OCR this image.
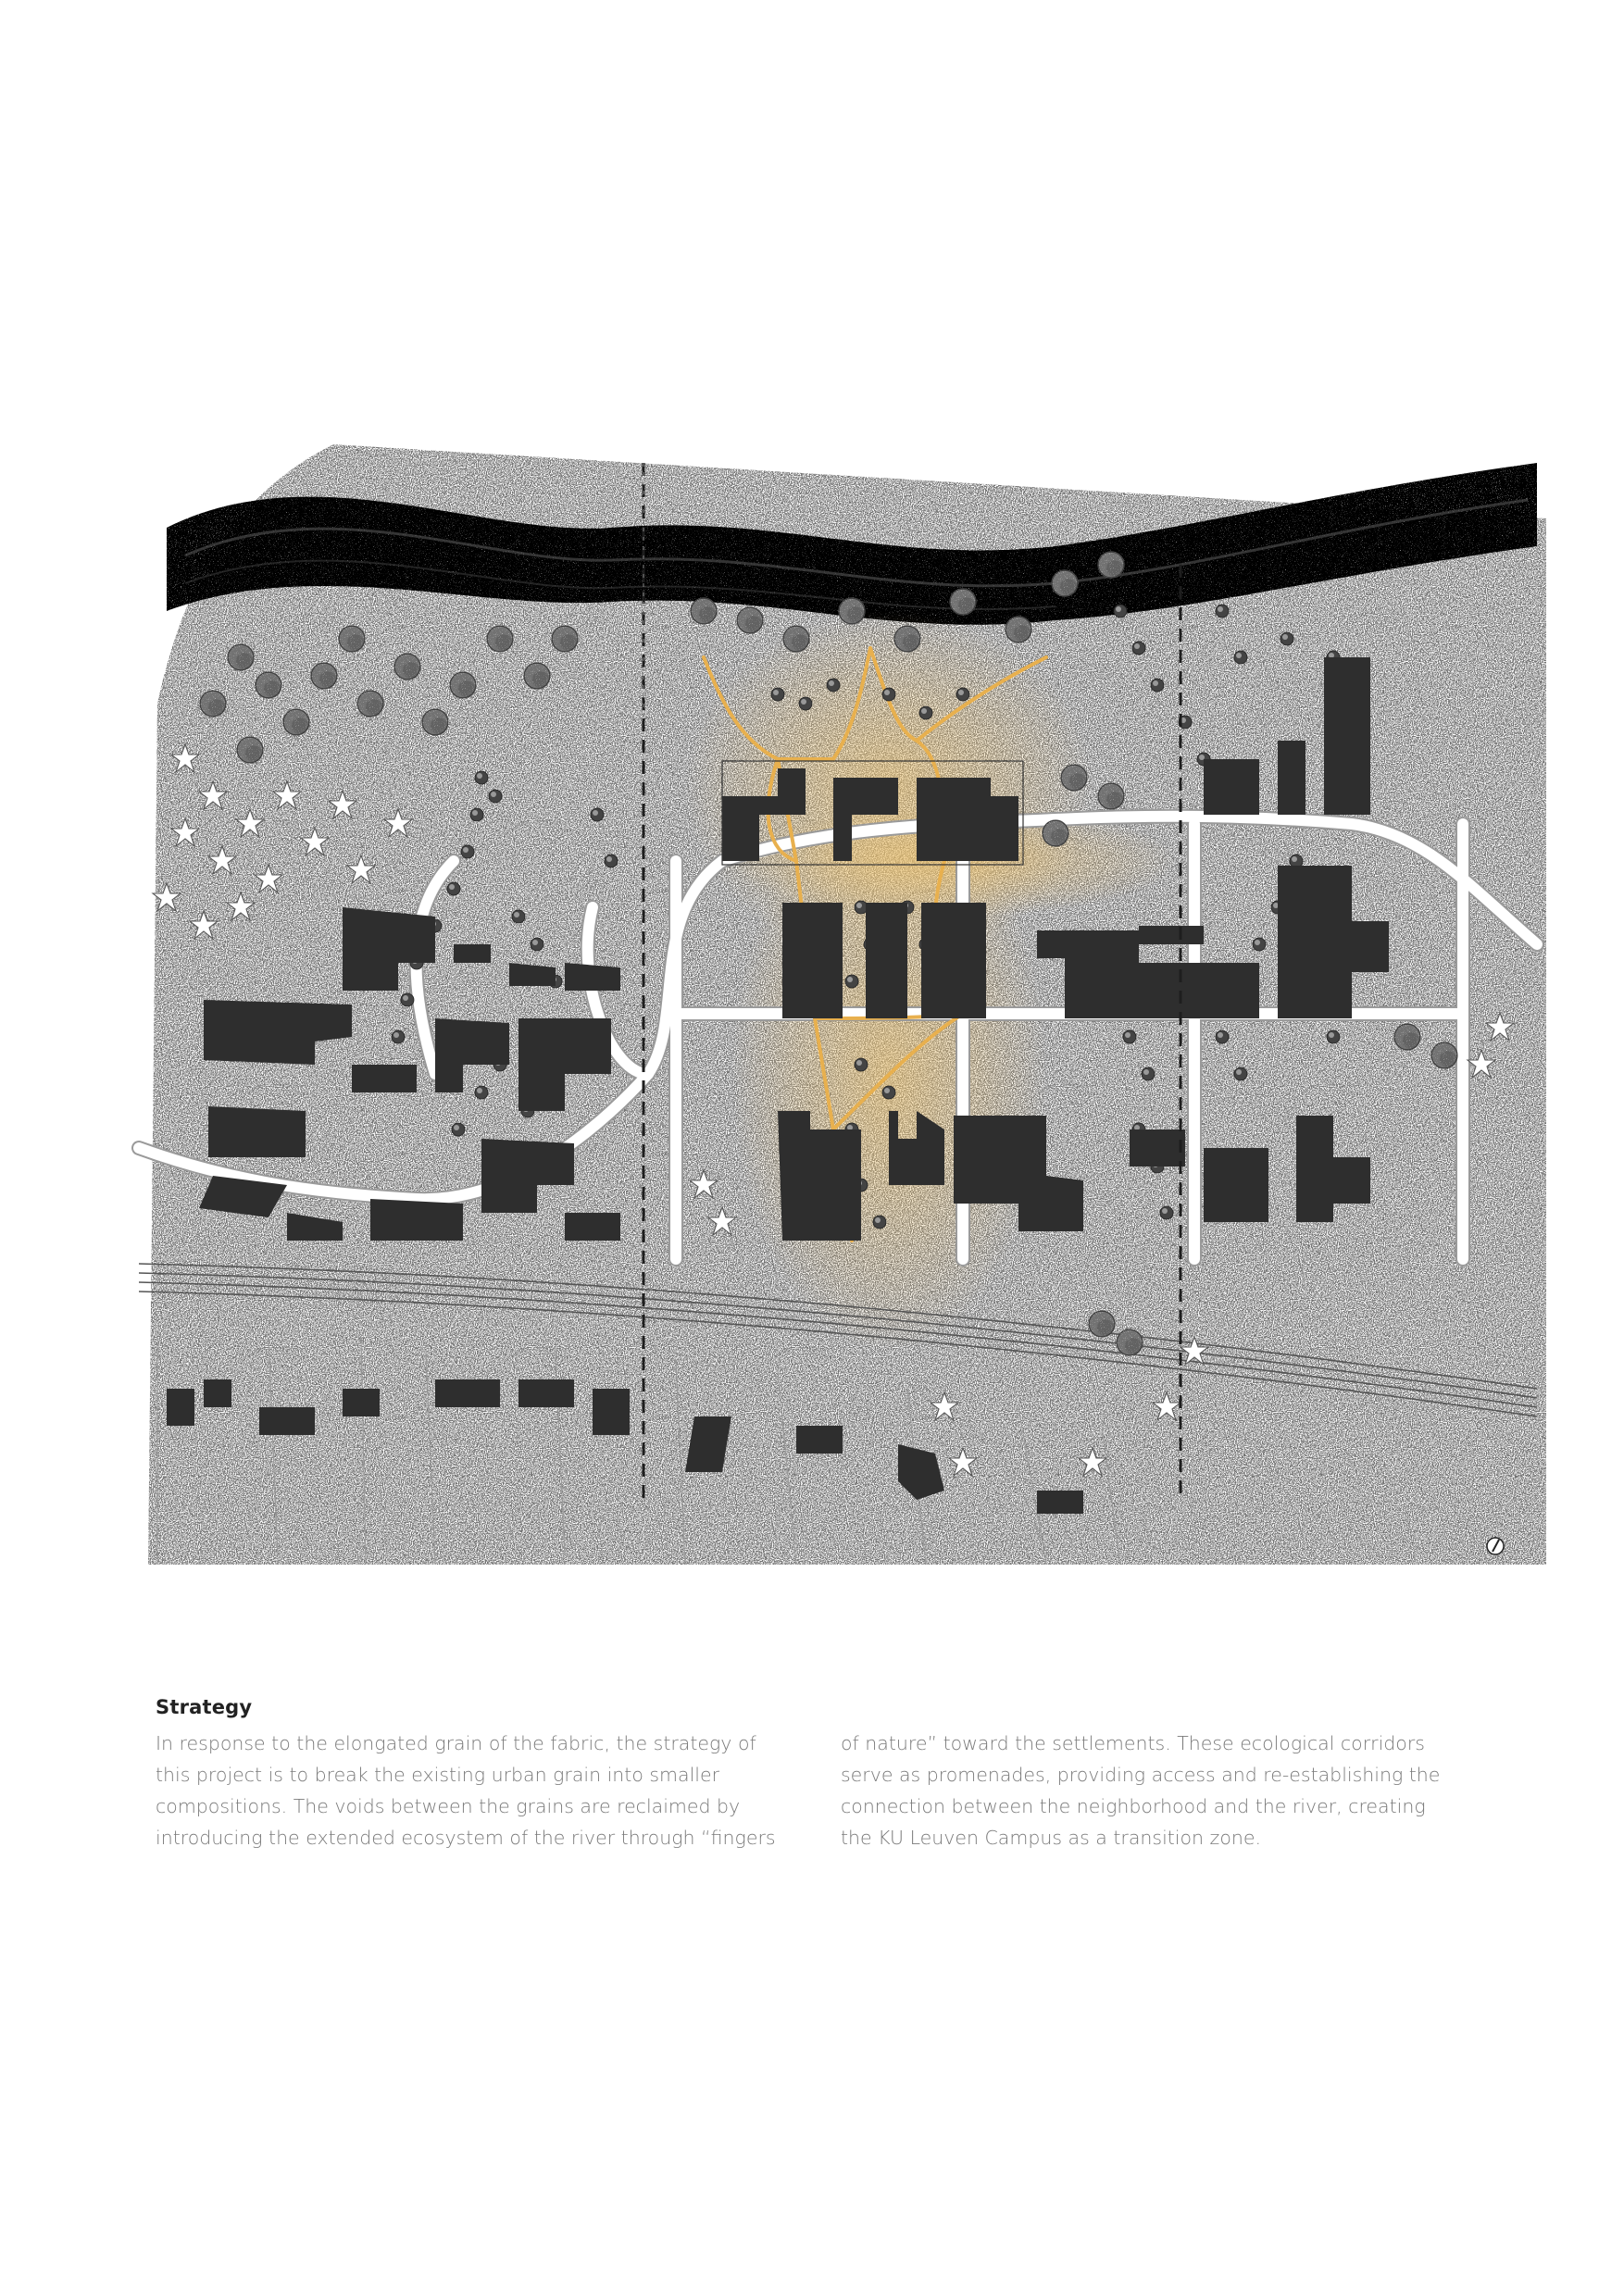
Strategy

In response to the elongated grain of the fabric, the strategy of
this project is to break the existing urban grain into smaller
compositions. The voids between the grains are reclaimed by
introducing the extended ecosystem of the river through “fingers

of nature” toward the settlements. These ecological corridors
serve as promenades, providing access and re-establishing the
connection between the neighborhood and the river, creating
the KU Leuven Campus as a transition zone.
